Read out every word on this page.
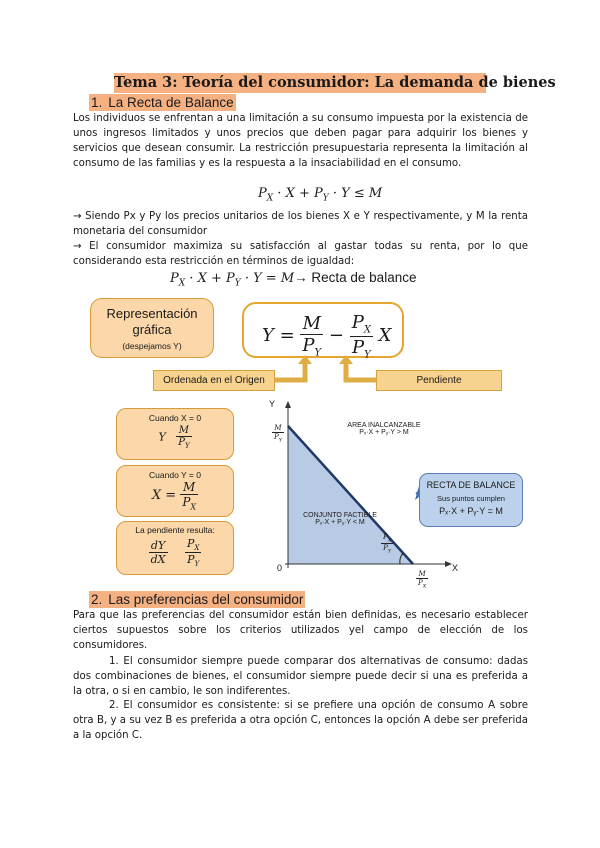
Tema 3: Teoría del consumidor: La demanda de bienes
1. La Recta de Balance
Los individuos se enfrentan a una limitación a su consumo impuesta por la existencia de unos ingresos limitados y unos precios que deben pagar para adquirir los bienes y servicios que desean consumir. La restricción presupuestaria representa la limitación al consumo de las familias y es la respuesta a la insaciabilidad en el consumo.
$P_X \cdot X + P_Y \cdot Y \le M$
→ Siendo Px y Py los precios unitarios de los bienes X e Y respectivamente, y M la renta monetaria del consumidor
→ El consumidor maximiza su satisfacción al gastar todas su renta, por lo que considerando esta restricción en términos de igualdad:
$P_X \cdot X + P_Y \cdot Y = M\to$ Recta de balance
Representación gráfica
(despejamos Y)	$Y = \frac{M}{P_Y} - \frac{P_X}{P_Y}$ X
Ordenada en el Origen	Pendiente
Cuando X = 0
Y $\frac{M}{P_Y}$
Cuando Y = 0
$X = \frac{M}{P_X}$
La pendiente resulta:
$\frac{dY}{dX}$
$\frac{P_X}{P_Y}$
Y
X
0
$\frac{M}{P_Y}$
$\frac{M}{P_X}$
$\frac{P_X}{P_Y}$
AREA INALCANZABLE
Pₓ·X + Pᵧ·Y > M
CONJUNTO FACTIBLE
Pₓ·X + Pᵧ·Y < M
RECTA DE BALANCE
Sus puntos cumplen
Pₓ·X + Pᵧ·Y = M
2. Las preferencias del consumidor
Para que las preferencias del consumidor están bien definidas, es necesario establecer ciertos supuestos sobre los criterios utilizados yel campo de elección de los consumidores.
1. El consumidor siempre puede comparar dos alternativas de consumo: dadas dos combinaciones de bienes, el consumidor siempre puede decir si una es preferida a la otra, o si en cambio, le son indiferentes.
2. El consumidor es consistente: si se prefiere una opción de consumo A sobre otra B, y a su vez B es preferida a otra opción C, entonces la opción A debe ser preferida a la opción C.
